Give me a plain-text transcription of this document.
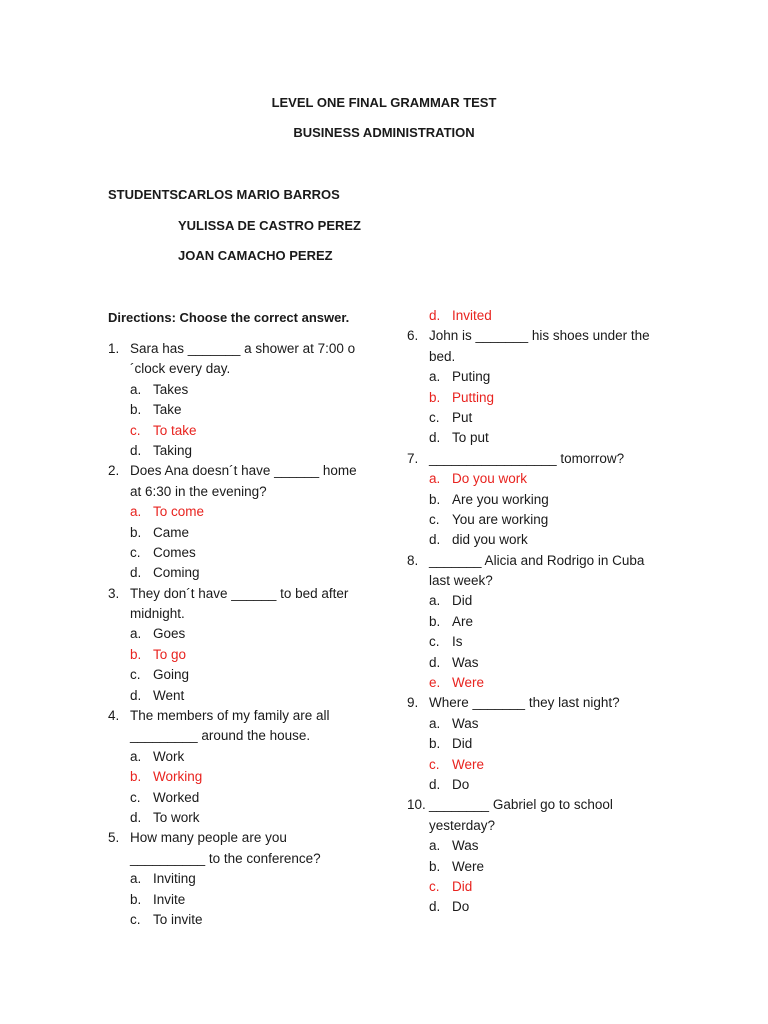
LEVEL ONE FINAL GRAMMAR TEST
BUSINESS ADMINISTRATION
STUDENTS:
CARLOS MARIO BARROS
YULISSA DE CASTRO PEREZ
JOAN CAMACHO PEREZ
Directions: Choose the correct answer.
1. Sara has _______ a shower at 7:00 o
´clock every day.
a. Takes
b. Take
c. To take
d. Taking
2. Does Ana doesn´t have ______ home
at 6:30 in the evening?
a. To come
b. Came
c. Comes
d. Coming
3. They don´t have ______ to bed after
midnight.
a. Goes
b. To go
c. Going
d. Went
4. The members of my family are all
_________ around the house.
a. Work
b. Working
c. Worked
d. To work
5. How many people are you
__________ to the conference?
a. Inviting
b. Invite
c. To invite
d. Invited
6. John is _______ his shoes under the
bed.
a. Puting
b. Putting
c. Put
d. To put
7. _________________ tomorrow?
a. Do you work
b. Are you working
c. You are working
d. did you work
8. _______ Alicia and Rodrigo in Cuba
last week?
a. Did
b. Are
c. Is
d. Was
e. Were
9. Where _______ they last night?
a. Was
b. Did
c. Were
d. Do
10. ________ Gabriel go to school
yesterday?
a. Was
b. Were
c. Did
d. Do
